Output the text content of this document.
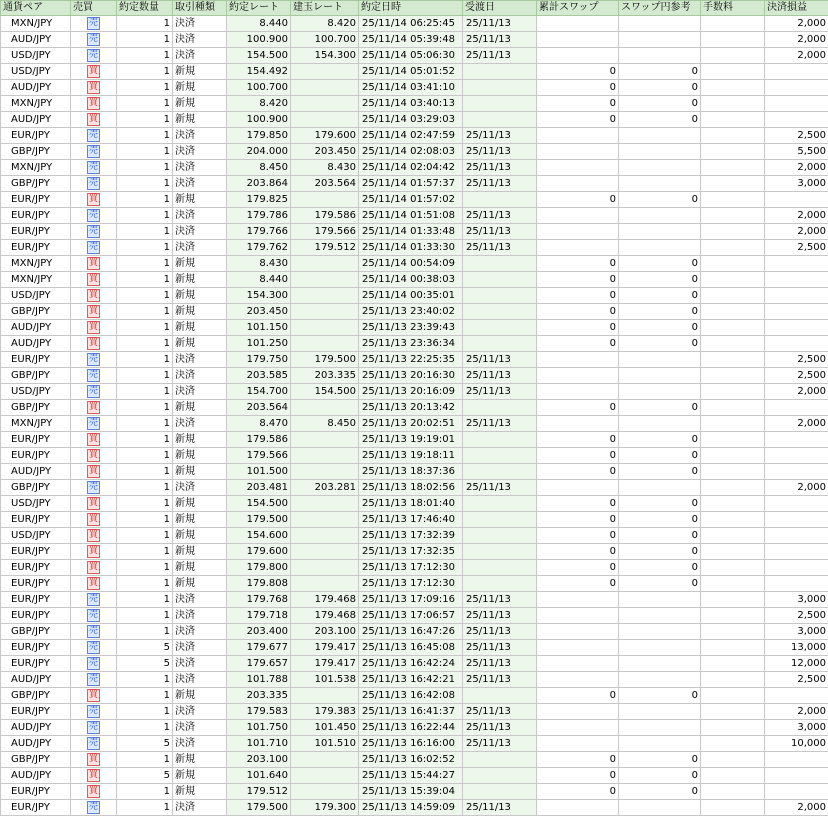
通貨ペア	売買	約定数量	取引種類	約定レート	建玉レート	約定日時	受渡日	累計スワップ	スワップ円参考	手数料	決済損益
MXN/JPY	売	1	決済	8.440	8.420	25/11/14 06:25:45	25/11/13				2,000
AUD/JPY	売	1	決済	100.900	100.700	25/11/14 05:39:48	25/11/13				2,000
USD/JPY	売	1	決済	154.500	154.300	25/11/14 05:06:30	25/11/13				2,000
USD/JPY	買	1	新規	154.492		25/11/14 05:01:52		0	0		
AUD/JPY	買	1	新規	100.700		25/11/14 03:41:10		0	0		
MXN/JPY	買	1	新規	8.420		25/11/14 03:40:13		0	0		
AUD/JPY	買	1	新規	100.900		25/11/14 03:29:03		0	0		
EUR/JPY	売	1	決済	179.850	179.600	25/11/14 02:47:59	25/11/13				2,500
GBP/JPY	売	1	決済	204.000	203.450	25/11/14 02:08:03	25/11/13				5,500
MXN/JPY	売	1	決済	8.450	8.430	25/11/14 02:04:42	25/11/13				2,000
GBP/JPY	売	1	決済	203.864	203.564	25/11/14 01:57:37	25/11/13				3,000
EUR/JPY	買	1	新規	179.825		25/11/14 01:57:02		0	0		
EUR/JPY	売	1	決済	179.786	179.586	25/11/14 01:51:08	25/11/13				2,000
EUR/JPY	売	1	決済	179.766	179.566	25/11/14 01:33:48	25/11/13				2,000
EUR/JPY	売	1	決済	179.762	179.512	25/11/14 01:33:30	25/11/13				2,500
MXN/JPY	買	1	新規	8.430		25/11/14 00:54:09		0	0		
MXN/JPY	買	1	新規	8.440		25/11/14 00:38:03		0	0		
USD/JPY	買	1	新規	154.300		25/11/14 00:35:01		0	0		
GBP/JPY	買	1	新規	203.450		25/11/13 23:40:02		0	0		
AUD/JPY	買	1	新規	101.150		25/11/13 23:39:43		0	0		
AUD/JPY	買	1	新規	101.250		25/11/13 23:36:34		0	0		
EUR/JPY	売	1	決済	179.750	179.500	25/11/13 22:25:35	25/11/13				2,500
GBP/JPY	売	1	決済	203.585	203.335	25/11/13 20:16:30	25/11/13				2,500
USD/JPY	売	1	決済	154.700	154.500	25/11/13 20:16:09	25/11/13				2,000
GBP/JPY	買	1	新規	203.564		25/11/13 20:13:42		0	0		
MXN/JPY	売	1	決済	8.470	8.450	25/11/13 20:02:51	25/11/13				2,000
EUR/JPY	買	1	新規	179.586		25/11/13 19:19:01		0	0		
EUR/JPY	買	1	新規	179.566		25/11/13 19:18:11		0	0		
AUD/JPY	買	1	新規	101.500		25/11/13 18:37:36		0	0		
GBP/JPY	売	1	決済	203.481	203.281	25/11/13 18:02:56	25/11/13				2,000
USD/JPY	買	1	新規	154.500		25/11/13 18:01:40		0	0		
EUR/JPY	買	1	新規	179.500		25/11/13 17:46:40		0	0		
USD/JPY	買	1	新規	154.600		25/11/13 17:32:39		0	0		
EUR/JPY	買	1	新規	179.600		25/11/13 17:32:35		0	0		
EUR/JPY	買	1	新規	179.800		25/11/13 17:12:30		0	0		
EUR/JPY	買	1	新規	179.808		25/11/13 17:12:30		0	0		
EUR/JPY	売	1	決済	179.768	179.468	25/11/13 17:09:16	25/11/13				3,000
EUR/JPY	売	1	決済	179.718	179.468	25/11/13 17:06:57	25/11/13				2,500
GBP/JPY	売	1	決済	203.400	203.100	25/11/13 16:47:26	25/11/13				3,000
EUR/JPY	売	5	決済	179.677	179.417	25/11/13 16:45:08	25/11/13				13,000
EUR/JPY	売	5	決済	179.657	179.417	25/11/13 16:42:24	25/11/13				12,000
AUD/JPY	売	1	決済	101.788	101.538	25/11/13 16:42:21	25/11/13				2,500
GBP/JPY	買	1	新規	203.335		25/11/13 16:42:08		0	0		
EUR/JPY	売	1	決済	179.583	179.383	25/11/13 16:41:37	25/11/13				2,000
AUD/JPY	売	1	決済	101.750	101.450	25/11/13 16:22:44	25/11/13				3,000
AUD/JPY	売	5	決済	101.710	101.510	25/11/13 16:16:00	25/11/13				10,000
GBP/JPY	買	1	新規	203.100		25/11/13 16:02:52		0	0		
AUD/JPY	買	5	新規	101.640		25/11/13 15:44:27		0	0		
EUR/JPY	買	1	新規	179.512		25/11/13 15:39:04		0	0		
EUR/JPY	売	1	決済	179.500	179.300	25/11/13 14:59:09	25/11/13				2,000
